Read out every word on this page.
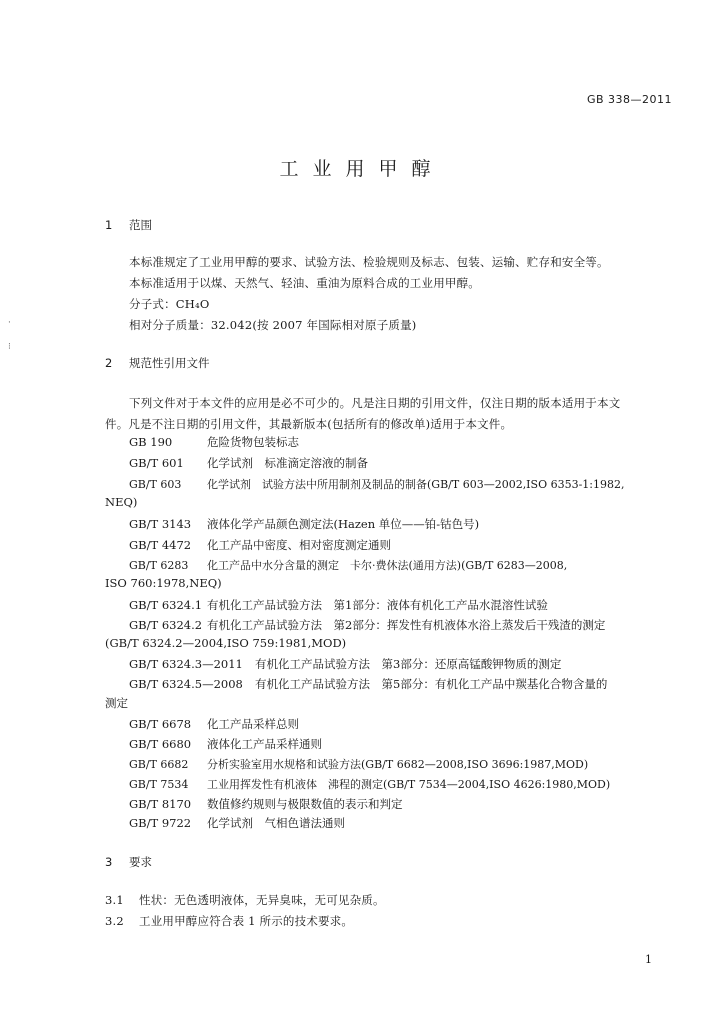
GB 338—2011
工业用甲醇
1 范围
本标准规定了工业用甲醇的要求、试验方法、检验规则及标志、包装、运输、贮存和安全等。
本标准适用于以煤、天然气、轻油、重油为原料合成的工业用甲醇。
分子式：CH₄O
相对分子质量：32.042(按 2007 年国际相对原子质量)
·
⁝
2 规范性引用文件
下列文件对于本文件的应用是必不可少的。凡是注日期的引用文件，仅注日期的版本适用于本文
件。凡是不注日期的引用文件，其最新版本(包括所有的修改单)适用于本文件。
GB 190	危险货物包装标志
GB/T 601 化学试剂　标准滴定溶液的制备
GB/T 603 化学试剂　试验方法中所用制剂及制品的制备(GB/T 603—2002,ISO 6353-1:1982,
NEQ)
GB/T 3143 液体化学产品颜色测定法(Hazen 单位——铂-钴色号)
GB/T 4472 化工产品中密度、相对密度测定通则
GB/T 6283 化工产品中水分含量的测定　卡尔·费休法(通用方法)(GB/T 6283—2008,
ISO 760:1978,NEQ)
GB/T 6324.1 有机化工产品试验方法　第1部分：液体有机化工产品水混溶性试验
GB/T 6324.2 有机化工产品试验方法　第2部分：挥发性有机液体水浴上蒸发后干残渣的测定
(GB/T 6324.2—2004,ISO 759:1981,MOD)
GB/T 6324.3—2011 有机化工产品试验方法　第3部分：还原高锰酸钾物质的测定
GB/T 6324.5—2008 有机化工产品试验方法　第5部分：有机化工产品中羰基化合物含量的
测定
GB/T 6678 化工产品采样总则
GB/T 6680 液体化工产品采样通则
GB/T 6682 分析实验室用水规格和试验方法(GB/T 6682—2008,ISO 3696:1987,MOD)
GB/T 7534 工业用挥发性有机液体　沸程的测定(GB/T 7534—2004,ISO 4626:1980,MOD)
GB/T 8170 数值修约规则与极限数值的表示和判定
GB/T 9722 化学试剂　气相色谱法通则
3 要求
3.1 性状：无色透明液体，无异臭味，无可见杂质。
3.2 工业用甲醇应符合表 1 所示的技术要求。
1
